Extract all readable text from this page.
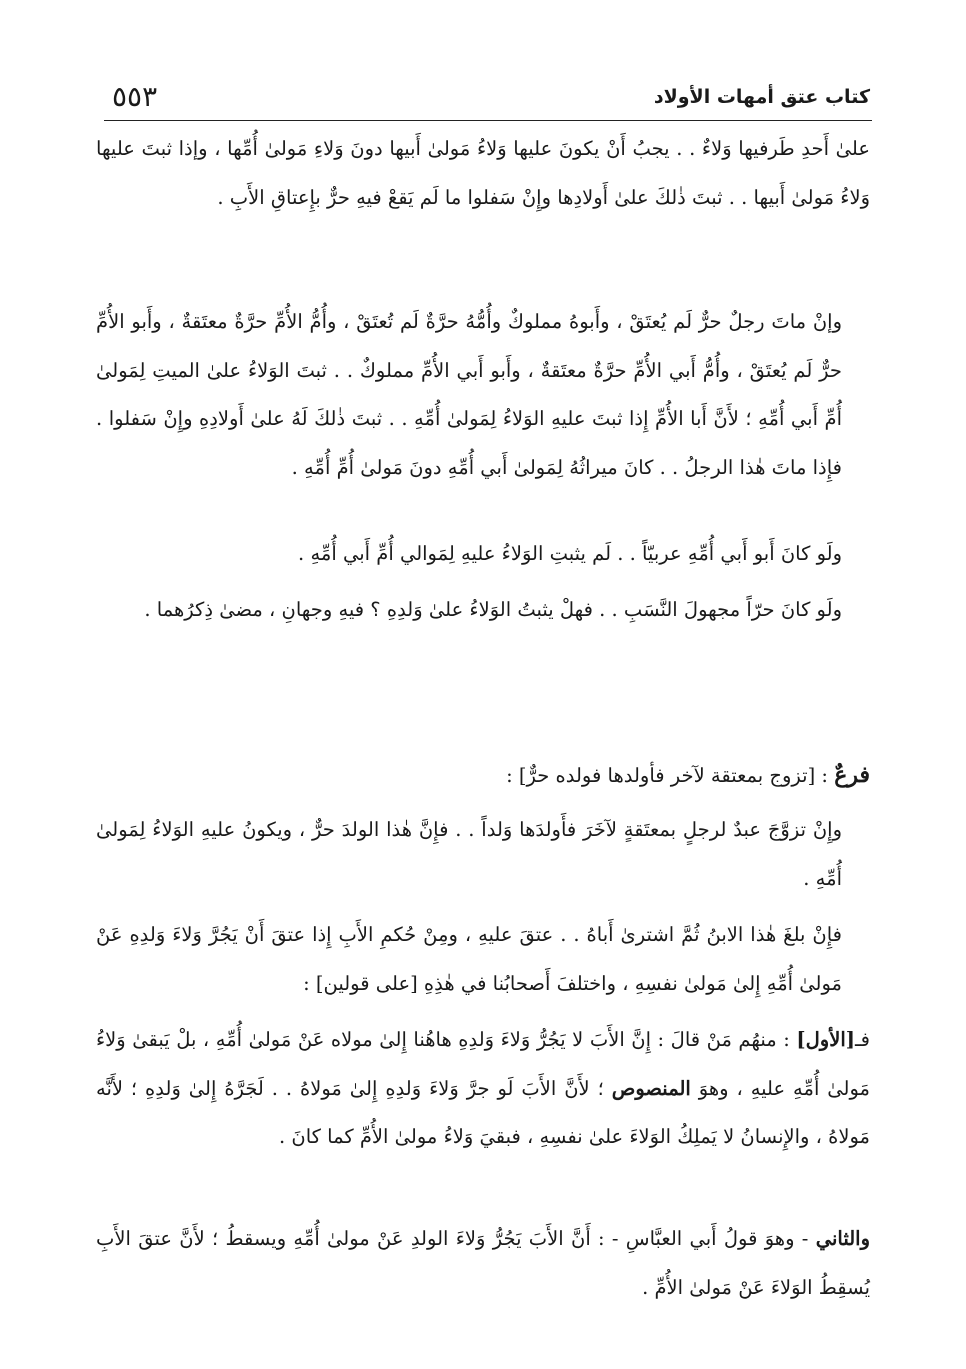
كتاب عتق أمهات الأولاد
٥٥٣

علىٰ أَحدِ طَرفيها وَلاءٌ . . يجبُ أَنْ يكونَ عليها وَلاءُ مَولىٰ أَبيها دونَ وَلاءِ مَولىٰ أُمِّها ، وإذا ثبتَ عليها وَلاءُ مَولىٰ أَبيها . . ثبتَ ذٰلكَ علىٰ أَولادِها وإِنْ سَفلوا ما لَم يَقعْ فيهِ حرٌّ بإِعتاقِ الأَبِ .

وإنْ ماتَ رجلٌ حرٌّ لَم يُعتَقْ ، وأَبوهُ مملوكٌ وأُمُّهُ حرَّةٌ لَم تُعتَقْ ، وأُمُّ الأُمِّ حرَّةٌ معتَقةٌ ، وأَبو الأُمِّ حرٌّ لَم يُعتَقْ ، وأُمُّ أَبي الأُمِّ حرَّةٌ معتَقةٌ ، وأَبو أَبي الأُمِّ مملوكٌ . . ثبتَ الوَلاءُ علىٰ الميتِ لِمَولىٰ أُمِّ أَبي أُمِّهِ ؛ لأَنَّ أَبا الأُمِّ إِذا ثبتَ عليهِ الوَلاءُ لِمَولىٰ أُمِّهِ . . ثبتَ ذٰلكَ لَهُ علىٰ أَولادِهِ وإِنْ سَفلوا . فإِذا ماتَ هٰذا الرجلُ . . كانَ ميراثُهُ لِمَولىٰ أَبي أُمِّهِ دونَ مَولىٰ أُمِّ أُمِّهِ .

ولَو كانَ أَبو أَبي أُمِّهِ عربيّاً . . لَم يثبتِ الوَلاءُ عليهِ لِمَوالي أُمِّ أَبي أُمِّهِ .

ولَو كانَ حرّاً مجهولَ النَّسَبِ . . فهلْ يثبتُ الوَلاءُ علىٰ وَلدِهِ ؟ فيهِ وجهانِ ، مضىٰ ذِكرُهما .

فرعٌ : [تزوج بمعتقة لآخر فأولدها فولده حرٌّ] :

وإِنْ تزوَّجَ عبدٌ لرجلٍ بمعتَقةٍ لآخَرَ فأَولدَها وَلداً . . فإِنَّ هٰذا الولدَ حرٌّ ، ويكونُ عليهِ الوَلاءُ لِمَولىٰ أُمِّهِ .

فإِنْ بلغَ هٰذا الابنُ ثُمَّ اشترىٰ أَباهُ . . عتقَ عليهِ ، ومِنْ حُكمِ الأَبِ إِذا عتقَ أَنْ يَجُرَّ وَلاءَ وَلدِهِ عَنْ مَولىٰ أُمِّهِ إِلىٰ مَولىٰ نفسِهِ ، واختلفَ أَصحابُنا في هٰذِهِ [على قولين] :

فـ[الأول] : منهُم مَنْ قالَ : إِنَّ الأَبَ لا يَجُرُّ وَلاءَ وَلدِهِ هاهُنا إِلىٰ مولاه عَنْ مَولىٰ أُمِّهِ ، بلْ يَبقىٰ وَلاءُ مَولىٰ أُمِّهِ عليهِ ، وهوَ المنصوص ؛ لأَنَّ الأَبَ لَو جرَّ وَلاءَ وَلدِهِ إِلىٰ مَولاهُ . . لَجَرَّهُ إِلىٰ وَلدِهِ ؛ لأَنَّه مَولاهُ ، والإِنسانُ لا يَملِكُ الوَلاءَ علىٰ نفسِهِ ، فبقيَ وَلاءُ مولىٰ الأُمِّ كما كانَ .

والثاني - وهوَ قولُ أَبي العبَّاسِ - : أَنَّ الأَبَ يَجُرُّ وَلاءَ الولدِ عَنْ مولىٰ أُمِّهِ ويسقطُ ؛ لأَنَّ عتقَ الأَبِ يُسقِطُ الوَلاءَ عَنْ مَولىٰ الأُمِّ .
